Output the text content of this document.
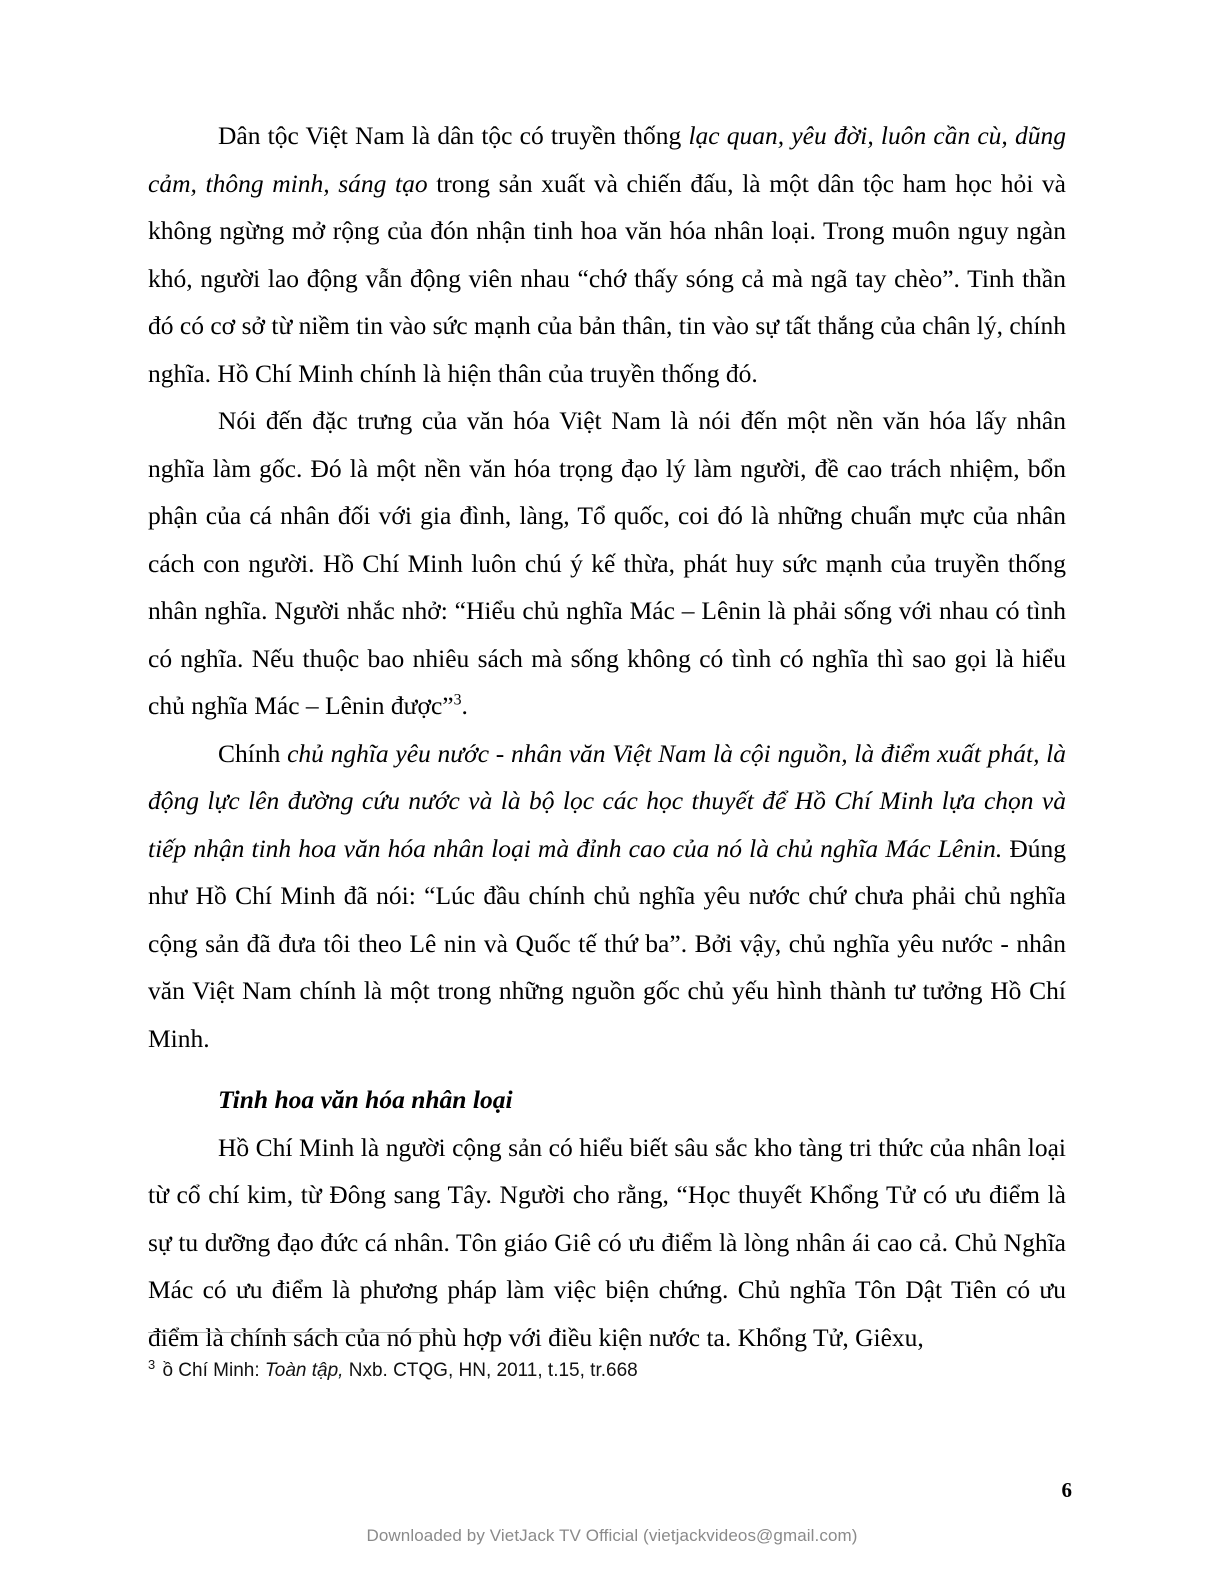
Dân tộc Việt Nam là dân tộc có truyền thống lạc quan, yêu đời, luôn cần cù, dũng cảm, thông minh, sáng tạo trong sản xuất và chiến đấu, là một dân tộc ham học hỏi và không ngừng mở rộng của đón nhận tinh hoa văn hóa nhân loại. Trong muôn nguy ngàn khó, người lao động vẫn động viên nhau “chớ thấy sóng cả mà ngã tay chèo”. Tinh thần đó có cơ sở từ niềm tin vào sức mạnh của bản thân, tin vào sự tất thắng của chân lý, chính nghĩa. Hồ Chí Minh chính là hiện thân của truyền thống đó.

Nói đến đặc trưng của văn hóa Việt Nam là nói đến một nền văn hóa lấy nhân nghĩa làm gốc. Đó là một nền văn hóa trọng đạo lý làm người, đề cao trách nhiệm, bổn phận của cá nhân đối với gia đình, làng, Tổ quốc, coi đó là những chuẩn mực của nhân cách con người. Hồ Chí Minh luôn chú ý kế thừa, phát huy sức mạnh của truyền thống nhân nghĩa. Người nhắc nhở: “Hiểu chủ nghĩa Mác – Lênin là phải sống với nhau có tình có nghĩa. Nếu thuộc bao nhiêu sách mà sống không có tình có nghĩa thì sao gọi là hiểu chủ nghĩa Mác – Lênin được”$^3$.

Chính chủ nghĩa yêu nước - nhân văn Việt Nam là cội nguồn, là điểm xuất phát, là động lực lên đường cứu nước và là bộ lọc các học thuyết để Hồ Chí Minh lựa chọn và tiếp nhận tinh hoa văn hóa nhân loại mà đỉnh cao của nó là chủ nghĩa Mác Lênin. Đúng như Hồ Chí Minh đã nói: “Lúc đầu chính chủ nghĩa yêu nước chứ chưa phải chủ nghĩa cộng sản đã đưa tôi theo Lê nin và Quốc tế thứ ba”. Bởi vậy, chủ nghĩa yêu nước - nhân văn Việt Nam chính là một trong những nguồn gốc chủ yếu hình thành tư tưởng Hồ Chí Minh.

Tinh hoa văn hóa nhân loại

Hồ Chí Minh là người cộng sản có hiểu biết sâu sắc kho tàng tri thức của nhân loại từ cổ chí kim, từ Đông sang Tây. Người cho rằng, “Học thuyết Khổng Tử có ưu điểm là sự tu dưỡng đạo đức cá nhân. Tôn giáo Giê có ưu điểm là lòng nhân ái cao cả. Chủ Nghĩa Mác có ưu điểm là phương pháp làm việc biện chứng. Chủ nghĩa Tôn Dật Tiên có ưu điểm là chính sách của nó phù hợp với điều kiện nước ta. Khổng Tử, Giêxu,

$^3$ ồ Chí Minh: Toàn tập, Nxb. CTQG, HN, 2011, t.15, tr.668

6
Downloaded by VietJack TV Official (vietjackvideos@gmail.com)
